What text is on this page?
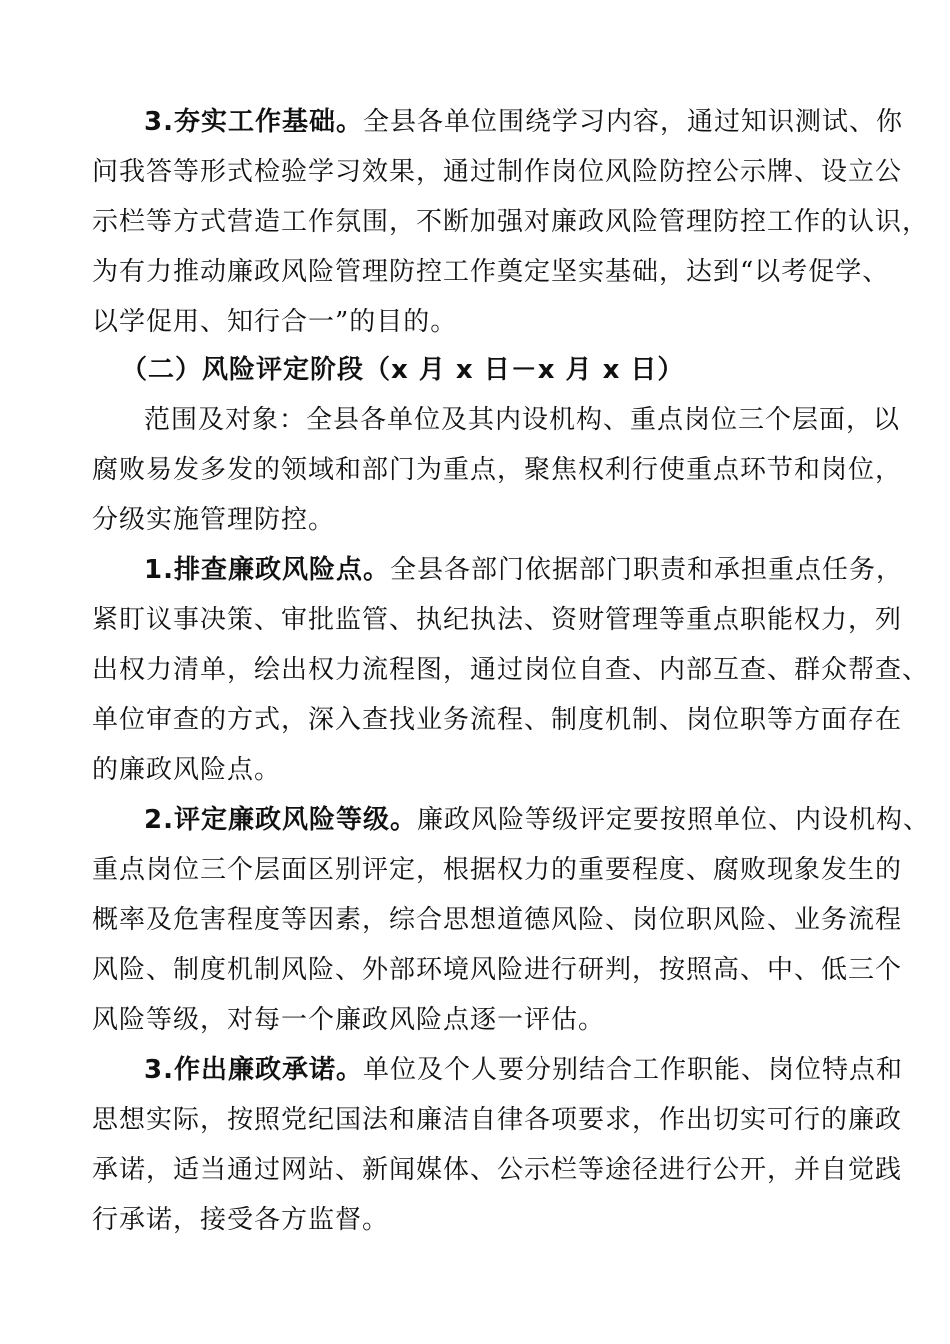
3.夯实工作基础。全县各单位围绕学习内容，通过知识测试、你
问我答等形式检验学习效果，通过制作岗位风险防控公示牌、设立公
示栏等方式营造工作氛围，不断加强对廉政风险管理防控工作的认识，
为有力推动廉政风险管理防控工作奠定坚实基础，达到“以考促学、
以学促用、知行合一”的目的。
（二）风险评定阶段（x 月 x 日－x 月 x 日）
范围及对象：全县各单位及其内设机构、重点岗位三个层面，以
腐败易发多发的领域和部门为重点，聚焦权利行使重点环节和岗位，
分级实施管理防控。
1.排查廉政风险点。全县各部门依据部门职责和承担重点任务，
紧盯议事决策、审批监管、执纪执法、资财管理等重点职能权力，列
出权力清单，绘出权力流程图，通过岗位自查、内部互查、群众帮查、
单位审查的方式，深入查找业务流程、制度机制、岗位职等方面存在
的廉政风险点。
2.评定廉政风险等级。廉政风险等级评定要按照单位、内设机构、
重点岗位三个层面区别评定，根据权力的重要程度、腐败现象发生的
概率及危害程度等因素，综合思想道德风险、岗位职风险、业务流程
风险、制度机制风险、外部环境风险进行研判，按照高、中、低三个
风险等级，对每一个廉政风险点逐一评估。
3.作出廉政承诺。单位及个人要分别结合工作职能、岗位特点和
思想实际，按照党纪国法和廉洁自律各项要求，作出切实可行的廉政
承诺，适当通过网站、新闻媒体、公示栏等途径进行公开，并自觉践
行承诺，接受各方监督。
